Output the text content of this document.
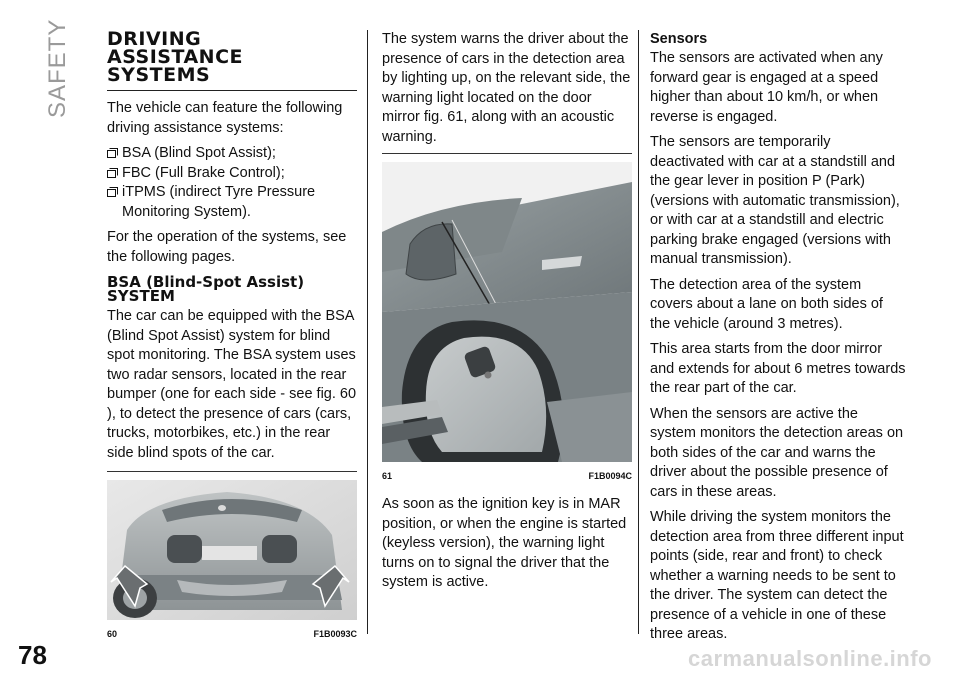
SAFETY DRIVING
ASSISTANCE
SYSTEMS

The vehicle can feature the following driving assistance systems:

BSA (Blind Spot Assist);
FBC (Full Brake Control);
iTPMS (indirect Tyre Pressure Monitoring System).

For the operation of the systems, see the following pages.

BSA (Blind-Spot Assist)
SYSTEM

The car can be equipped with the BSA (Blind Spot Assist) system for blind spot monitoring. The BSA system uses two radar sensors, located in the rear bumper (one for each side - see fig. 60 ), to detect the presence of cars (cars, trucks, motorbikes, etc.) in the rear side blind spots of the car.

60	F1B0093C

The system warns the driver about the presence of cars in the detection area by lighting up, on the relevant side, the warning light located on the door mirror fig. 61, along with an acoustic warning.

61	F1B0094C

As soon as the ignition key is in MAR position, or when the engine is started (keyless version), the warning light turns on to signal the driver that the system is active.

Sensors

The sensors are activated when any forward gear is engaged at a speed higher than about 10 km/h, or when reverse is engaged.

The sensors are temporarily deactivated with car at a standstill and the gear lever in position P (Park) (versions with automatic transmission), or with car at a standstill and electric parking brake engaged (versions with manual transmission).

The detection area of the system covers about a lane on both sides of the vehicle (around 3 metres).

This area starts from the door mirror and extends for about 6 metres towards the rear part of the car.

When the sensors are active the system monitors the detection areas on both sides of the car and warns the driver about the possible presence of cars in these areas.

While driving the system monitors the detection area from three different input points (side, rear and front) to check whether a warning needs to be sent to the driver. The system can detect the presence of a vehicle in one of these three areas.

78	carmanualsonline.info
